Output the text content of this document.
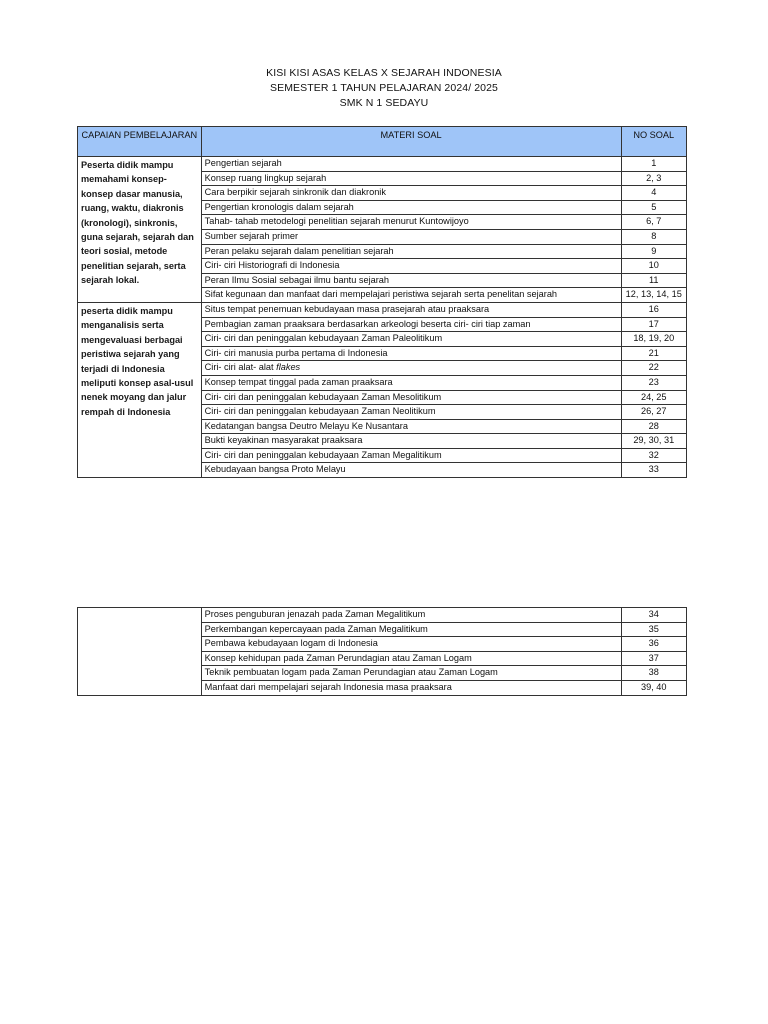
KISI KISI ASAS KELAS X SEJARAH INDONESIA
SEMESTER 1 TAHUN PELAJARAN 2024/ 2025
SMK N 1 SEDAYU
CAPAIAN PEMBELAJARAN	MATERI SOAL	NO SOAL
Peserta didik mampu memahami konsep-konsep dasar manusia, ruang, waktu, diakronis (kronologi), sinkronis, guna sejarah, sejarah dan teori sosial, metode penelitian sejarah, serta sejarah lokal.	Pengertian sejarah	1
	Konsep ruang lingkup sejarah	2, 3
	Cara berpikir sejarah sinkronik dan diakronik	4
	Pengertian kronologis dalam sejarah	5
	Tahab- tahab metodelogi penelitian sejarah menurut Kuntowijoyo	6, 7
	Sumber sejarah primer	8
	Peran pelaku sejarah dalam penelitian sejarah	9
	Ciri- ciri Historiografi di Indonesia	10
	Peran Ilmu Sosial sebagai ilmu bantu sejarah	11
	Sifat kegunaan dan manfaat dari mempelajari peristiwa sejarah serta penelitan sejarah	12, 13, 14, 15
peserta didik mampu menganalisis serta mengevaluasi berbagai peristiwa sejarah yang terjadi di Indonesia meliputi konsep asal-usul nenek moyang dan jalur rempah di Indonesia	Situs tempat penemuan kebudayaan masa prasejarah atau praaksara	16
	Pembagian zaman praaksara berdasarkan arkeologi beserta ciri- ciri tiap zaman	17
	Ciri- ciri dan peninggalan kebudayaan Zaman Paleolitikum	18, 19, 20
	Ciri- ciri manusia purba pertama di Indonesia	21
	Ciri- ciri alat- alat flakes	22
	Konsep tempat tinggal pada zaman praaksara	23
	Ciri- ciri dan peninggalan kebudayaan Zaman Mesolitikum	24, 25
	Ciri- ciri dan peninggalan kebudayaan Zaman Neolitikum	26, 27
	Kedatangan bangsa Deutro Melayu Ke Nusantara	28
	Bukti keyakinan masyarakat praaksara	29, 30, 31
	Ciri- ciri dan peninggalan kebudayaan Zaman Megalitikum	32
	Kebudayaan bangsa Proto Melayu	33
	Proses penguburan jenazah pada Zaman Megalitikum	34
	Perkembangan kepercayaan pada Zaman Megalitikum	35
	Pembawa kebudayaan logam di Indonesia	36
	Konsep kehidupan pada Zaman Perundagian atau Zaman Logam	37
	Teknik pembuatan logam pada Zaman Perundagian atau Zaman Logam	38
	Manfaat dari mempelajari sejarah Indonesia masa praaksara	39, 40
